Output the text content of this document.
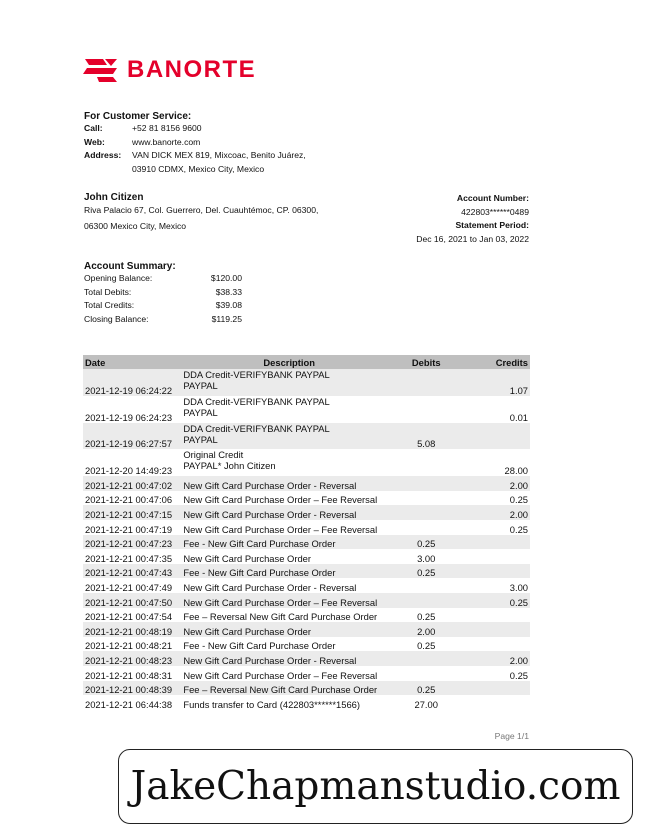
BANORTE
For Customer Service:
Call:	+52 81 8156 9600
Web:	www.banorte.com
Address:	VAN DICK MEX 819, Mixcoac, Benito Juárez,
03910 CDMX, Mexico City, Mexico
John Citizen
Riva Palacio 67, Col. Guerrero, Del. Cuauhtémoc, CP. 06300,
06300 Mexico City, Mexico
Account Number:
422803******0489
Statement Period:
Dec 16, 2021 to Jan 03, 2022
Account Summary:
Opening Balance:	$120.00
Total Debits:	$38.33
Total Credits:	$39.08
Closing Balance:	$119.25
Date	Description	Debits	Credits
2021-12-19 06:24:22	DDA Credit-VERIFYBANK PAYPAL
PAYPAL		1.07
2021-12-19 06:24:23	DDA Credit-VERIFYBANK PAYPAL
PAYPAL		0.01
2021-12-19 06:27:57	DDA Credit-VERIFYBANK PAYPAL
PAYPAL	5.08	
2021-12-20 14:49:23	Original Credit
PAYPAL* John Citizen		28.00
2021-12-21 00:47:02	New Gift Card Purchase Order - Reversal		2.00
2021-12-21 00:47:06	New Gift Card Purchase Order – Fee Reversal		0.25
2021-12-21 00:47:15	New Gift Card Purchase Order - Reversal		2.00
2021-12-21 00:47:19	New Gift Card Purchase Order – Fee Reversal		0.25
2021-12-21 00:47:23	Fee - New Gift Card Purchase Order	0.25	
2021-12-21 00:47:35	New Gift Card Purchase Order	3.00	
2021-12-21 00:47:43	Fee - New Gift Card Purchase Order	0.25	
2021-12-21 00:47:49	New Gift Card Purchase Order - Reversal		3.00
2021-12-21 00:47:50	New Gift Card Purchase Order – Fee Reversal		0.25
2021-12-21 00:47:54	Fee – Reversal New Gift Card Purchase Order	0.25	
2021-12-21 00:48:19	New Gift Card Purchase Order	2.00	
2021-12-21 00:48:21	Fee - New Gift Card Purchase Order	0.25	
2021-12-21 00:48:23	New Gift Card Purchase Order - Reversal		2.00
2021-12-21 00:48:31	New Gift Card Purchase Order – Fee Reversal		0.25
2021-12-21 00:48:39	Fee – Reversal New Gift Card Purchase Order	0.25	
2021-12-21 06:44:38	Funds transfer to Card (422803******1566)	27.00	
Page 1/1
JakeChapmanstudio.com
